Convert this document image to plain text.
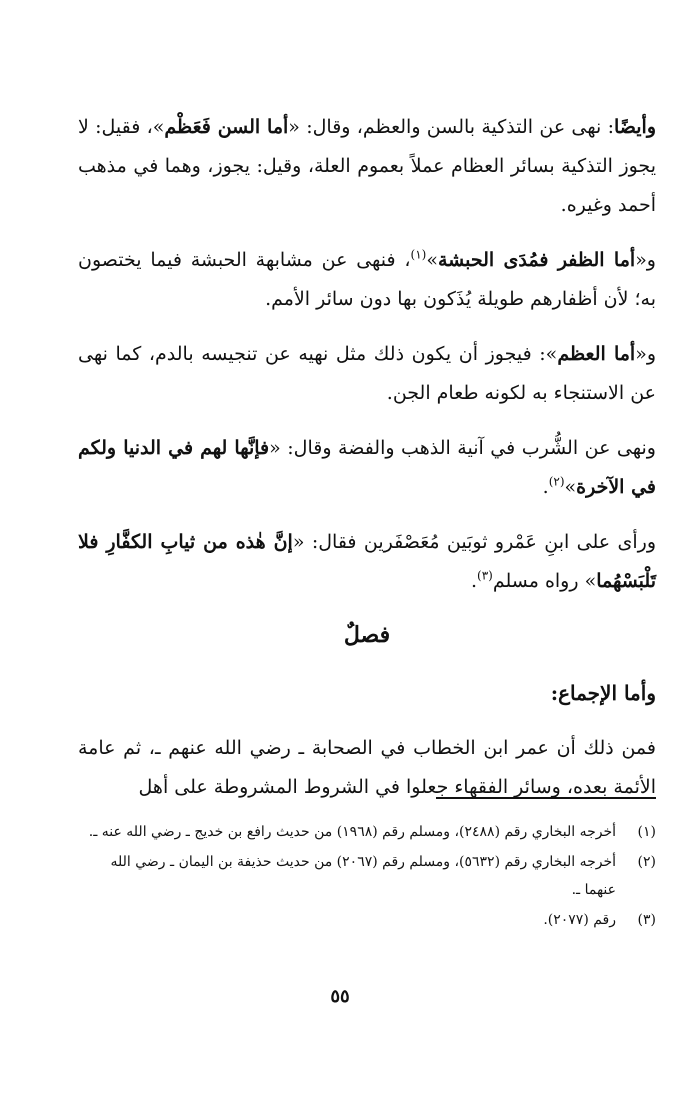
وأيضًا: نهى عن التذكية بالسن والعظم، وقال: «أما السن فَعَظْم»، فقيل: لا يجوز التذكية بسائر العظام عملاً بعموم العلة، وقيل: يجوز، وهما في مذهب أحمد وغيره.

و«أما الظفر فمُدَى الحبشة»$^{(١)}$، فنهى عن مشابهة الحبشة فيما يختصون به؛ لأن أظفارهم طويلة يُذَكون بها دون سائر الأمم.

و«أما العظم»: فيجوز أن يكون ذلك مثل نهيه عن تنجيسه بالدم، كما نهى عن الاستنجاء به لكونه طعام الجن.

ونهى عن الشُّرب في آنية الذهب والفضة وقال: «فإنَّها لهم في الدنيا ولكم في الآخرة»$^{(٢)}$.

ورأى على ابنِ عَمْرو ثوبَين مُعَصْفَرين فقال: «إنَّ هٰذه من ثيابِ الكفَّارِ فلا تَلْبَسْهُما» رواه مسلم$^{(٣)}$.

فصلٌ
وأما الإجماع:

فمن ذلك أن عمر ابن الخطاب في الصحابة ـ رضي الله عنهم ـ، ثم عامة الأئمة بعده، وسائر الفقهاء جعلوا في الشروط المشروطة على أهل

(١)
أخرجه البخاري رقم (٢٤٨٨)، ومسلم رقم (١٩٦٨) من حديث رافع بن خديج ـ رضي الله عنه ـ.
(٢)
أخرجه البخاري رقم (٥٦٣٢)، ومسلم رقم (٢٠٦٧) من حديث حذيفة بن اليمان ـ رضي الله عنهما ـ.
(٣)
رقم (٢٠٧٧).
٥٥
